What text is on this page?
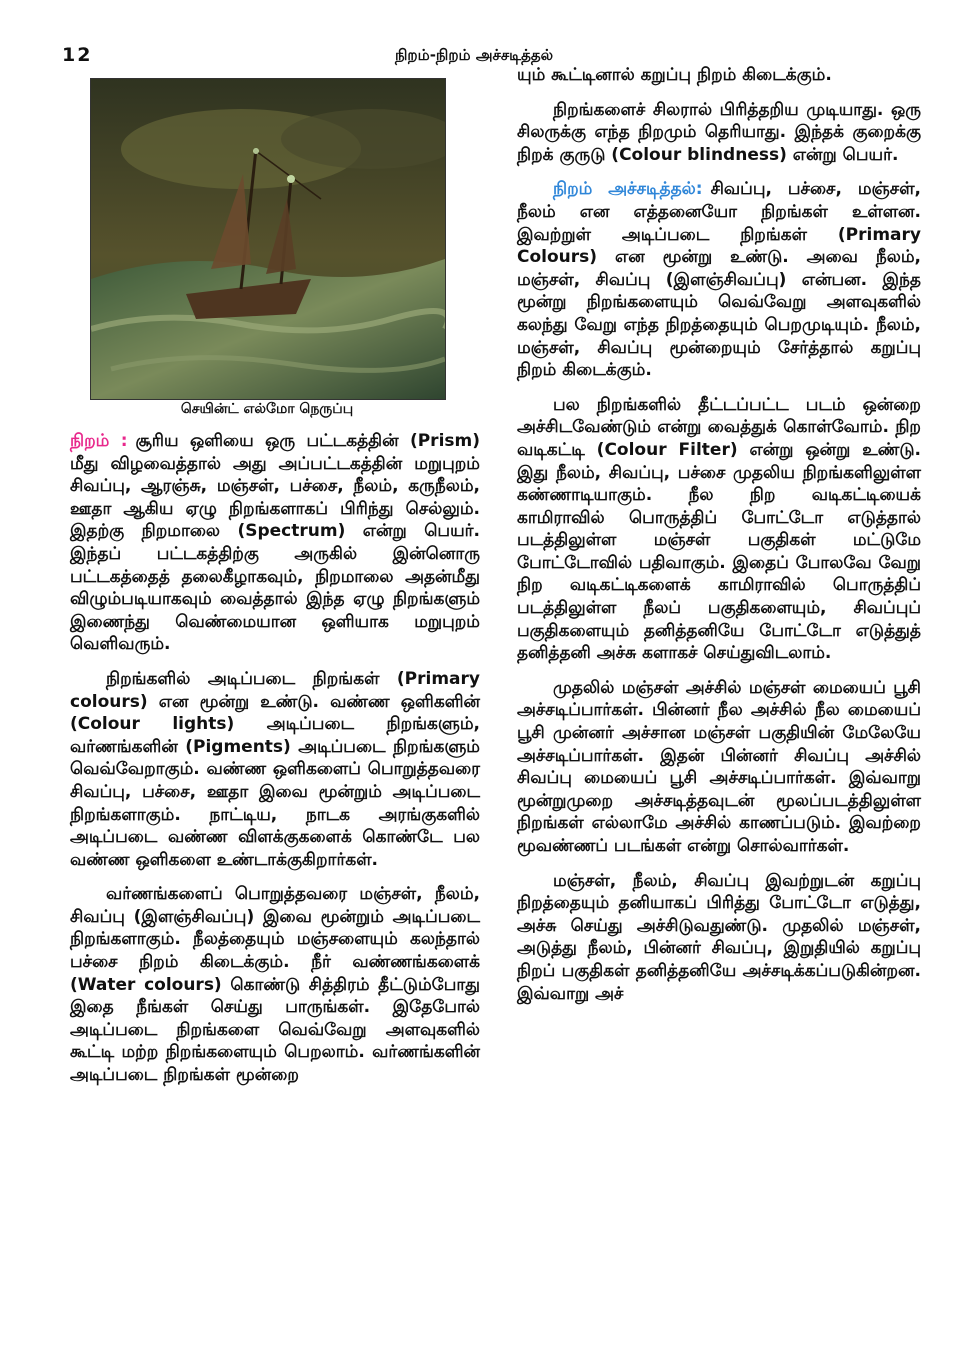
12	நிறம்-நிறம் அச்சடித்தல்
செயின்ட் எல்மோ நெருப்பு

நிறம் : சூரிய ஒளியை ஒரு பட்டகத்தின் (Prism) மீது விழவைத்தால் அது அப்பட்டகத்தின் மறுபுறம் சிவப்பு, ஆரஞ்சு, மஞ்சள், பச்சை, நீலம், கருநீலம், ஊதா ஆகிய ஏழு நிறங்களாகப் பிரிந்து செல்லும். இதற்கு நிறமாலை (Spectrum) என்று பெயர். இந்தப் பட்டகத்திற்கு அருகில் இன்னொரு பட்டகத்தைத் தலைகீழாகவும், நிறமாலை அதன்மீது விழும்படியாகவும் வைத்தால் இந்த ஏழு நிறங்களும் இணைந்து வெண்மையான ஒளியாக மறுபுறம் வெளிவரும்.

நிறங்களில் அடிப்படை நிறங்கள் (Primary colours) என மூன்று உண்டு. வண்ண ஒளிகளின் (Colour lights) அடிப்படை நிறங்களும், வர்ணங்களின் (Pigments) அடிப்படை நிறங்களும் வெவ்வேறாகும். வண்ண ஒளிகளைப் பொறுத்தவரை சிவப்பு, பச்சை, ஊதா இவை மூன்றும் அடிப்படை நிறங்களாகும். நாட்டிய, நாடக அரங்குகளில் அடிப்படை வண்ண விளக்குகளைக் கொண்டே பல வண்ண ஒளிகளை உண்டாக்குகிறார்கள்.

வர்ணங்களைப் பொறுத்தவரை மஞ்சள், நீலம், சிவப்பு (இளஞ்சிவப்பு) இவை மூன்றும் அடிப்படை நிறங்களாகும். நீலத்தையும் மஞ்சளையும் கலந்தால் பச்சை நிறம் கிடைக்கும். நீர் வண்ணங்களைக் (Water colours) கொண்டு சித்திரம் தீட்டும்போது இதை நீங்கள் செய்து பாருங்கள். இதேபோல் அடிப்படை நிறங்களை வெவ்வேறு அளவுகளில் கூட்டி மற்ற நிறங்களையும் பெறலாம். வர்ணங்களின் அடிப்படை நிறங்கள் மூன்றை

யும் கூட்டினால் கறுப்பு நிறம் கிடைக்கும்.

நிறங்களைச் சிலரால் பிரித்தறிய முடியாது. ஒரு சிலருக்கு எந்த நிறமும் தெரியாது. இந்தக் குறைக்கு நிறக் குருடு (Colour blindness) என்று பெயர்.

நிறம் அச்சடித்தல்: சிவப்பு, பச்சை, மஞ்சள், நீலம் என எத்தனையோ நிறங்கள் உள்ளன. இவற்றுள் அடிப்படை நிறங்கள் (Primary Colours) என மூன்று உண்டு. அவை நீலம், மஞ்சள், சிவப்பு (இளஞ்சிவப்பு) என்பன. இந்த மூன்று நிறங்களையும் வெவ்வேறு அளவுகளில் கலந்து வேறு எந்த நிறத்தையும் பெறமுடியும். நீலம், மஞ்சள், சிவப்பு மூன்றையும் சேர்த்தால் கறுப்பு நிறம் கிடைக்கும்.

பல நிறங்களில் தீட்டப்பட்ட படம் ஒன்றை அச்சிடவேண்டும் என்று வைத்துக் கொள்வோம். நிற வடிகட்டி (Colour Filter) என்று ஒன்று உண்டு. இது நீலம், சிவப்பு, பச்சை முதலிய நிறங்களிலுள்ள கண்ணாடியாகும். நீல நிற வடிகட்டியைக் காமிராவில் பொருத்திப் போட்டோ எடுத்தால் படத்திலுள்ள மஞ்சள் பகுதிகள் மட்டுமே போட்டோவில் பதிவாகும். இதைப் போலவே வேறு நிற வடிகட்டிகளைக் காமிராவில் பொருத்திப் படத்திலுள்ள நீலப் பகுதிகளையும், சிவப்புப் பகுதிகளையும் தனித்தனியே போட்டோ எடுத்துத் தனித்தனி அச்சு களாகச் செய்துவிடலாம்.

முதலில் மஞ்சள் அச்சில் மஞ்சள் மையைப் பூசி அச்சடிப்பார்கள். பின்னர் நீல அச்சில் நீல மையைப் பூசி முன்னர் அச்சான மஞ்சள் பகுதியின் மேலேயே அச்சடிப்பார்கள். இதன் பின்னர் சிவப்பு அச்சில் சிவப்பு மையைப் பூசி அச்சடிப்பார்கள். இவ்வாறு மூன்றுமுறை அச்சடித்தவுடன் மூலப்படத்திலுள்ள நிறங்கள் எல்லாமே அச்சில் காணப்படும். இவற்றை மூவண்ணப் படங்கள் என்று சொல்வார்கள்.

மஞ்சள், நீலம், சிவப்பு இவற்றுடன் கறுப்பு நிறத்தையும் தனியாகப் பிரித்து போட்டோ எடுத்து, அச்சு செய்து அச்சிடுவதுண்டு. முதலில் மஞ்சள், அடுத்து நீலம், பின்னர் சிவப்பு, இறுதியில் கறுப்பு நிறப் பகுதிகள் தனித்தனியே அச்சடிக்கப்படுகின்றன. இவ்வாறு அச்
